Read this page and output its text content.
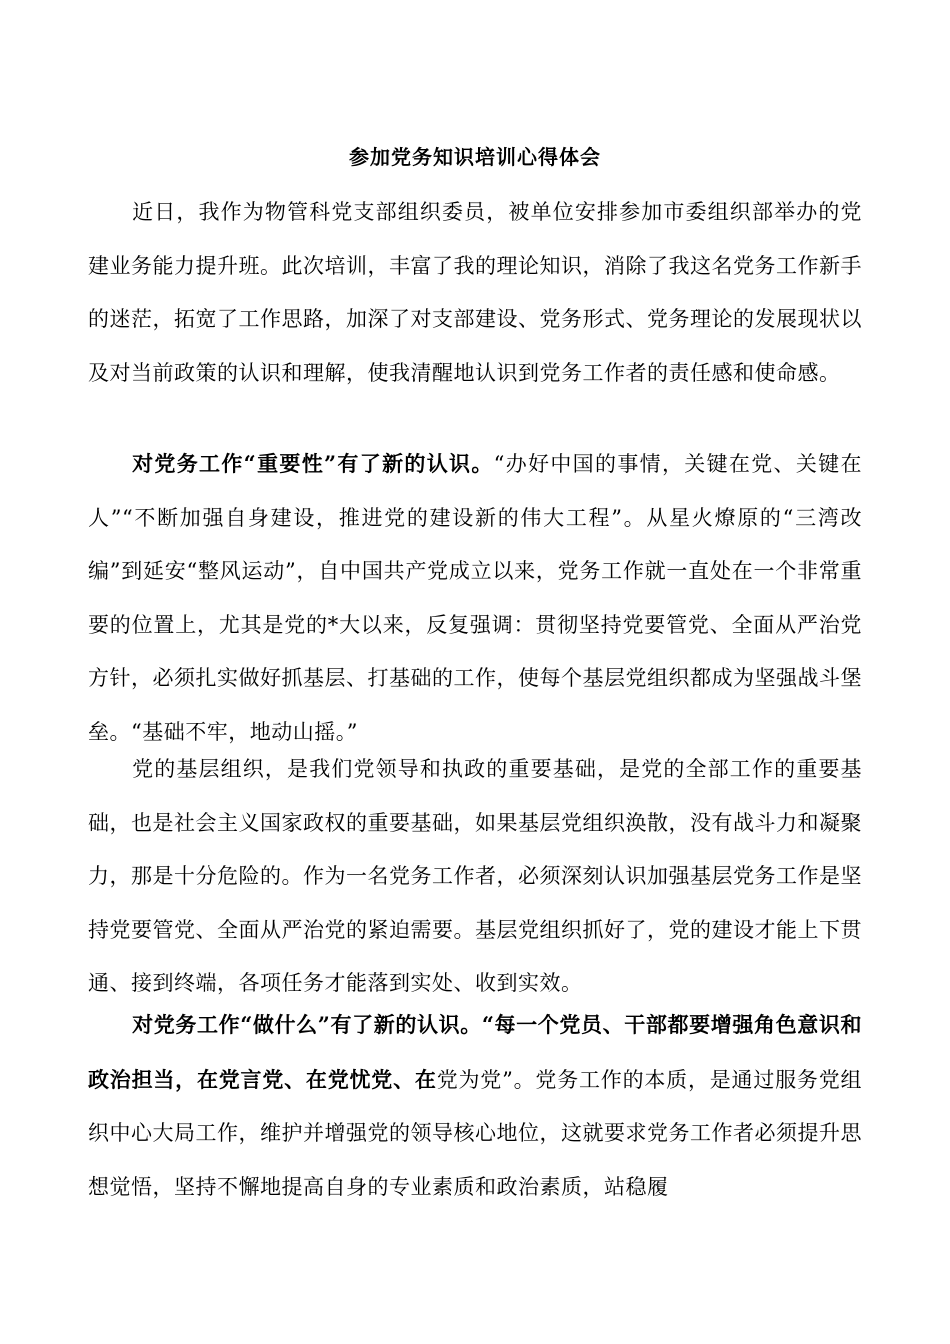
参加党务知识培训心得体会

近日，我作为物管科党支部组织委员，被单位安排参加市委组织部举办的党建业务能力提升班。此次培训，丰富了我的理论知识，消除了我这名党务工作新手的迷茫，拓宽了工作思路，加深了对支部建设、党务形式、党务理论的发展现状以及对当前政策的认识和理解，使我清醒地认识到党务工作者的责任感和使命感。

对党务工作“重要性”有了新的认识。“办好中国的事情，关键在党、关键在人”“不断加强自身建设，推进党的建设新的伟大工程”。从星火燎原的“三湾改编”到延安“整风运动”，自中国共产党成立以来，党务工作就一直处在一个非常重要的位置上，尤其是党的*大以来，反复强调：贯彻坚持党要管党、全面从严治党方针，必须扎实做好抓基层、打基础的工作，使每个基层党组织都成为坚强战斗堡垒。“基础不牢，地动山摇。”

党的基层组织，是我们党领导和执政的重要基础，是党的全部工作的重要基础，也是社会主义国家政权的重要基础，如果基层党组织涣散，没有战斗力和凝聚力，那是十分危险的。作为一名党务工作者，必须深刻认识加强基层党务工作是坚持党要管党、全面从严治党的紧迫需要。基层党组织抓好了，党的建设才能上下贯通、接到终端，各项任务才能落到实处、收到实效。

对党务工作“做什么”有了新的认识。“每一个党员、干部都要增强角色意识和政治担当，在党言党、在党忧党、在党为党”。党务工作的本质，是通过服务党组织中心大局工作，维护并增强党的领导核心地位，这就要求党务工作者必须提升思想觉悟，坚持不懈地提高自身的专业素质和政治素质，站稳履
